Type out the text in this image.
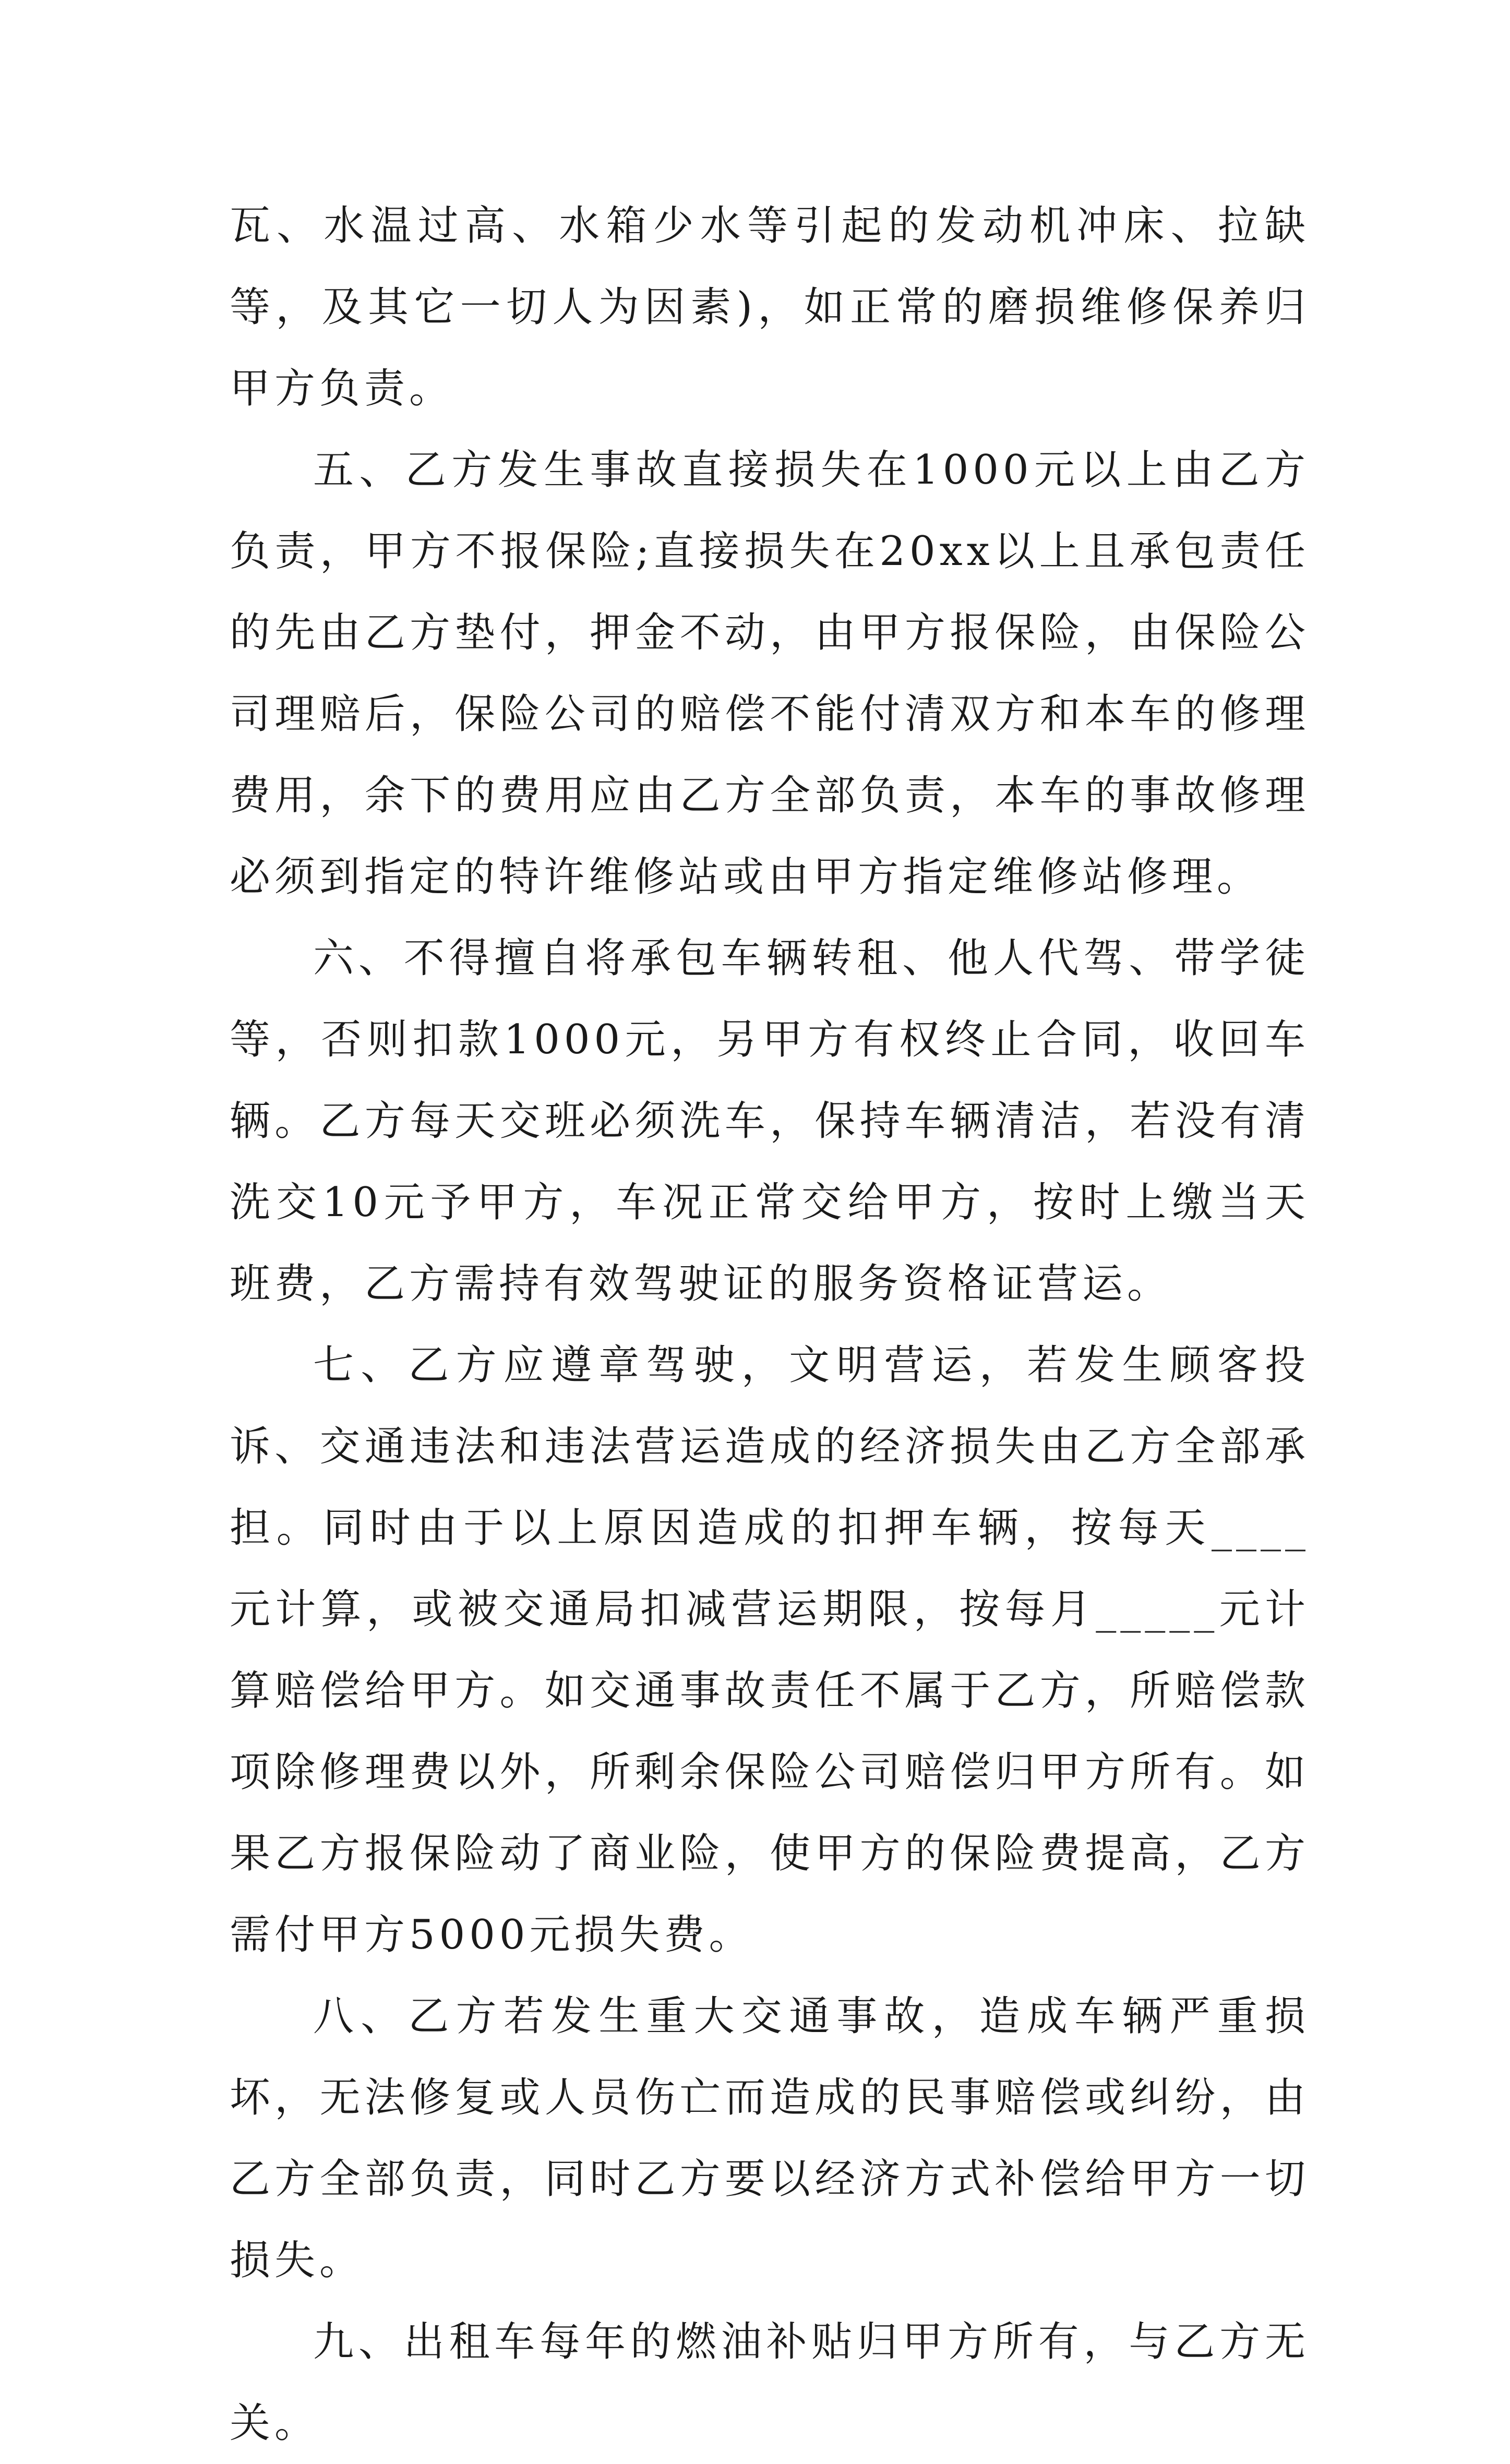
瓦、水温过高、水箱少水等引起的发动机冲床、拉缺等，及其它一切人为因素)，如正常的磨损维修保养归甲方负责。

五、乙方发生事故直接损失在1000元以上由乙方负责，甲方不报保险;直接损失在20xx以上且承包责任的先由乙方垫付，押金不动，由甲方报保险，由保险公司理赔后，保险公司的赔偿不能付清双方和本车的修理费用，余下的费用应由乙方全部负责，本车的事故修理必须到指定的特许维修站或由甲方指定维修站修理。

六、不得擅自将承包车辆转租、他人代驾、带学徒等，否则扣款1000元，另甲方有权终止合同，收回车辆。乙方每天交班必须洗车，保持车辆清洁，若没有清洗交10元予甲方，车况正常交给甲方，按时上缴当天班费，乙方需持有效驾驶证的服务资格证营运。

七、乙方应遵章驾驶，文明营运，若发生顾客投诉、交通违法和违法营运造成的经济损失由乙方全部承担。同时由于以上原因造成的扣押车辆，按每天____元计算，或被交通局扣减营运期限，按每月_____元计算赔偿给甲方。如交通事故责任不属于乙方，所赔偿款项除修理费以外，所剩余保险公司赔偿归甲方所有。如果乙方报保险动了商业险，使甲方的保险费提高，乙方需付甲方5000元损失费。

八、乙方若发生重大交通事故，造成车辆严重损坏，无法修复或人员伤亡而造成的民事赔偿或纠纷，由乙方全部负责，同时乙方要以经济方式补偿给甲方一切损失。

九、出租车每年的燃油补贴归甲方所有，与乙方无关。
